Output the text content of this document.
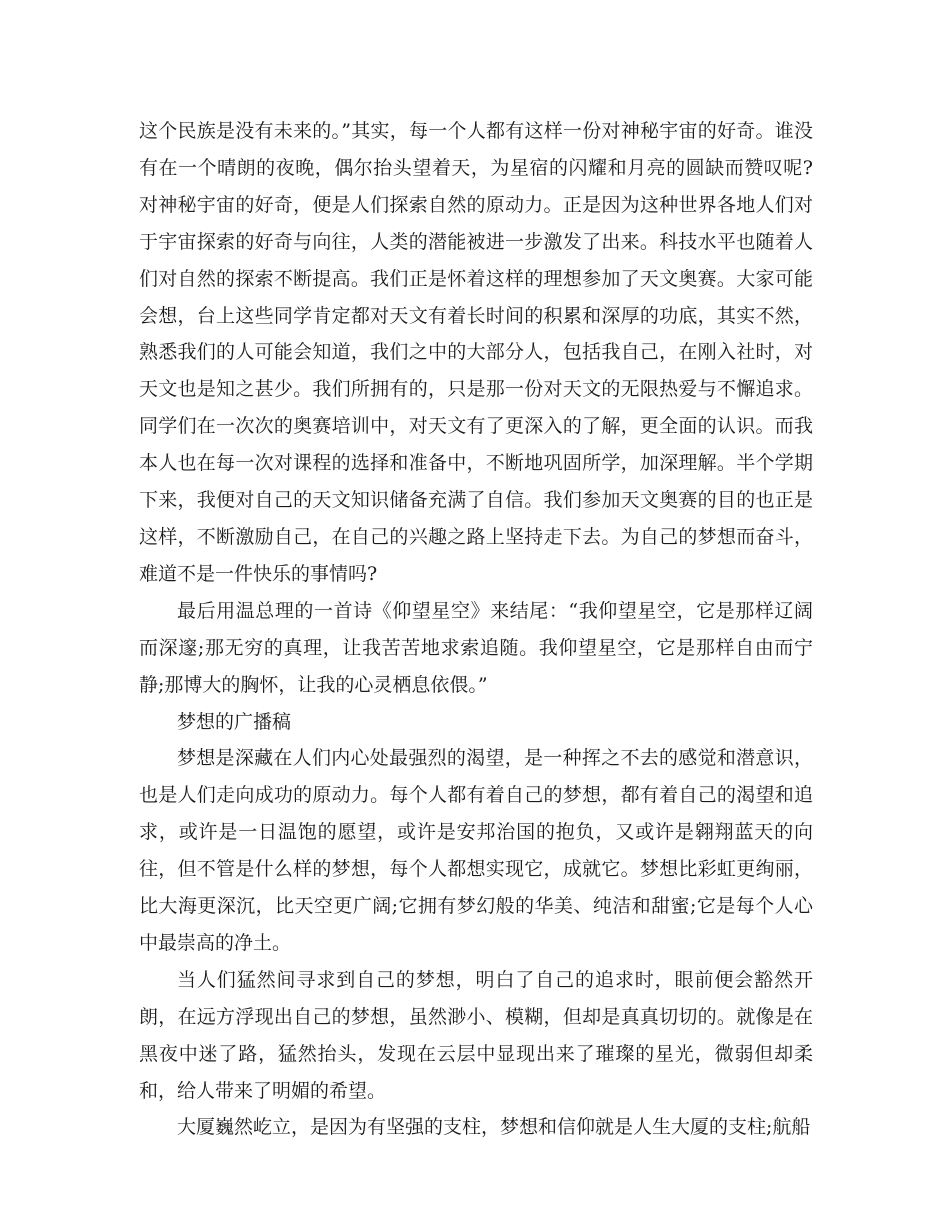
这个民族是没有未来的。”其实，每一个人都有这样一份对神秘宇宙的好奇。谁没有在一个晴朗的夜晚，偶尔抬头望着天，为星宿的闪耀和月亮的圆缺而赞叹呢?对神秘宇宙的好奇，便是人们探索自然的原动力。正是因为这种世界各地人们对于宇宙探索的好奇与向往，人类的潜能被进一步激发了出来。科技水平也随着人们对自然的探索不断提高。我们正是怀着这样的理想参加了天文奥赛。大家可能会想，台上这些同学肯定都对天文有着长时间的积累和深厚的功底，其实不然，熟悉我们的人可能会知道，我们之中的大部分人，包括我自己，在刚入社时，对天文也是知之甚少。我们所拥有的，只是那一份对天文的无限热爱与不懈追求。同学们在一次次的奥赛培训中，对天文有了更深入的了解，更全面的认识。而我本人也在每一次对课程的选择和准备中，不断地巩固所学，加深理解。半个学期下来，我便对自己的天文知识储备充满了自信。我们参加天文奥赛的目的也正是这样，不断激励自己，在自己的兴趣之路上坚持走下去。为自己的梦想而奋斗，难道不是一件快乐的事情吗?

最后用温总理的一首诗《仰望星空》来结尾：“我仰望星空，它是那样辽阔而深邃;那无穷的真理，让我苦苦地求索追随。我仰望星空，它是那样自由而宁静;那博大的胸怀，让我的心灵栖息依偎。”

梦想的广播稿

梦想是深藏在人们内心处最强烈的渴望，是一种挥之不去的感觉和潜意识，也是人们走向成功的原动力。每个人都有着自己的梦想，都有着自己的渴望和追求，或许是一日温饱的愿望，或许是安邦治国的抱负，又或许是翱翔蓝天的向往，但不管是什么样的梦想，每个人都想实现它，成就它。梦想比彩虹更绚丽，比大海更深沉，比天空更广阔;它拥有梦幻般的华美、纯洁和甜蜜;它是每个人心中最崇高的净土。

当人们猛然间寻求到自己的梦想，明白了自己的追求时，眼前便会豁然开朗，在远方浮现出自己的梦想，虽然渺小、模糊，但却是真真切切的。就像是在黑夜中迷了路，猛然抬头，发现在云层中显现出来了璀璨的星光，微弱但却柔和，给人带来了明媚的希望。

大厦巍然屹立，是因为有坚强的支柱，梦想和信仰就是人生大厦的支柱;航船
